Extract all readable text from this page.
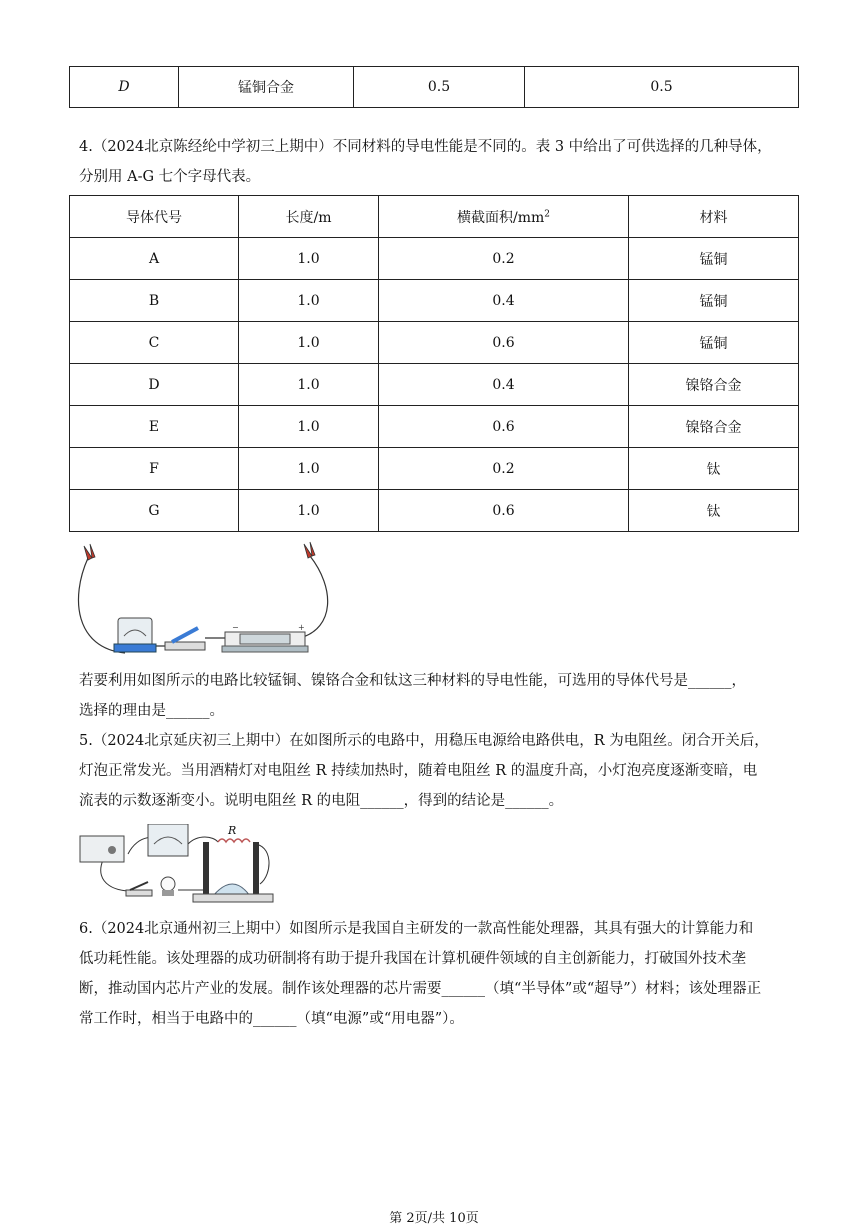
D	锰铜合金	0.5	0.5
4.（2024北京陈经纶中学初三上期中）不同材料的导电性能是不同的。表 3 中给出了可供选择的几种导体，
分别用 A-G 七个字母代表。
导体代号	长度/m	横截面积$/mm^2$	材料
A	1.0	0.2	锰铜
B	1.0	0.4	锰铜
C	1.0	0.6	锰铜
D	1.0	0.4	镍铬合金
E	1.0	0.6	镍铬合金
F	1.0	0.2	钛
G	1.0	0.6	钛
−	+
若要利用如图所示的电路比较锰铜、镍铬合金和钛这三种材料的导电性能，可选用的导体代号是______，
选择的理由是______。
5.（2024北京延庆初三上期中）在如图所示的电路中，用稳压电源给电路供电，R 为电阻丝。闭合开关后，
灯泡正常发光。当用酒精灯对电阻丝 R 持续加热时，随着电阻丝 R 的温度升高，小灯泡亮度逐渐变暗，电
流表的示数逐渐变小。说明电阻丝 R 的电阻______，得到的结论是______。
R
6.（2024北京通州初三上期中）如图所示是我国自主研发的一款高性能处理器，其具有强大的计算能力和
低功耗性能。该处理器的成功研制将有助于提升我国在计算机硬件领域的自主创新能力，打破国外技术垄
断，推动国内芯片产业的发展。制作该处理器的芯片需要______（填“半导体”或“超导”）材料；该处理器正
常工作时，相当于电路中的______（填“电源”或“用电器”）。
第 2页/共 10页
